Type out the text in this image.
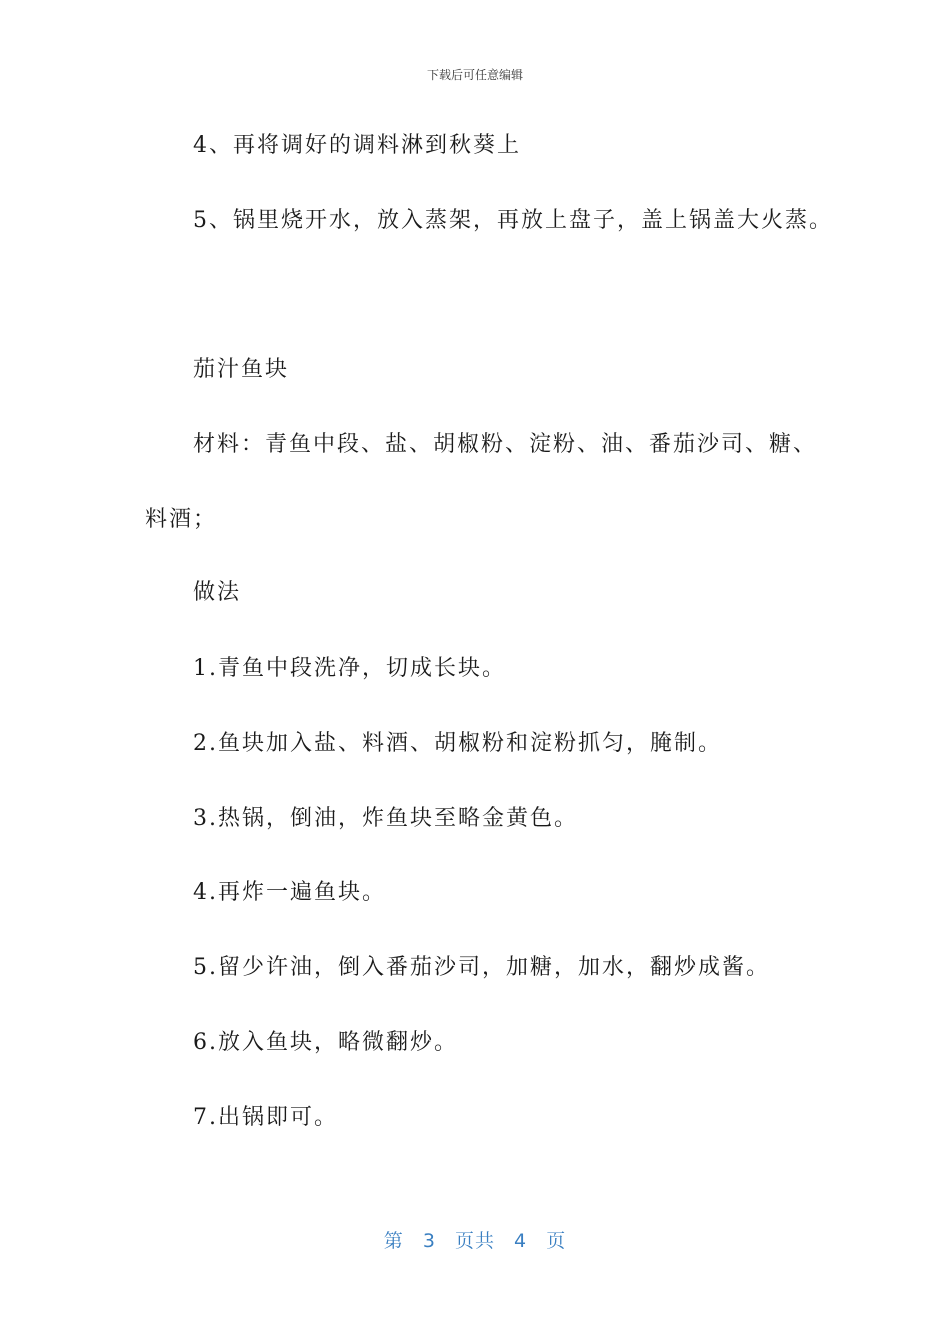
下载后可任意编辑
4、再将调好的调料淋到秋葵上
5、锅里烧开水，放入蒸架，再放上盘子，盖上锅盖大火蒸。
茄汁鱼块
材料：青鱼中段、盐、胡椒粉、淀粉、油、番茄沙司、糖、
料酒；
做法
1.青鱼中段洗净，切成长块。
2.鱼块加入盐、料酒、胡椒粉和淀粉抓匀，腌制。
3.热锅，倒油，炸鱼块至略金黄色。
4.再炸一遍鱼块。
5.留少许油，倒入番茄沙司，加糖，加水，翻炒成酱。
6.放入鱼块，略微翻炒。
7.出锅即可。
第 3 页共 4 页
